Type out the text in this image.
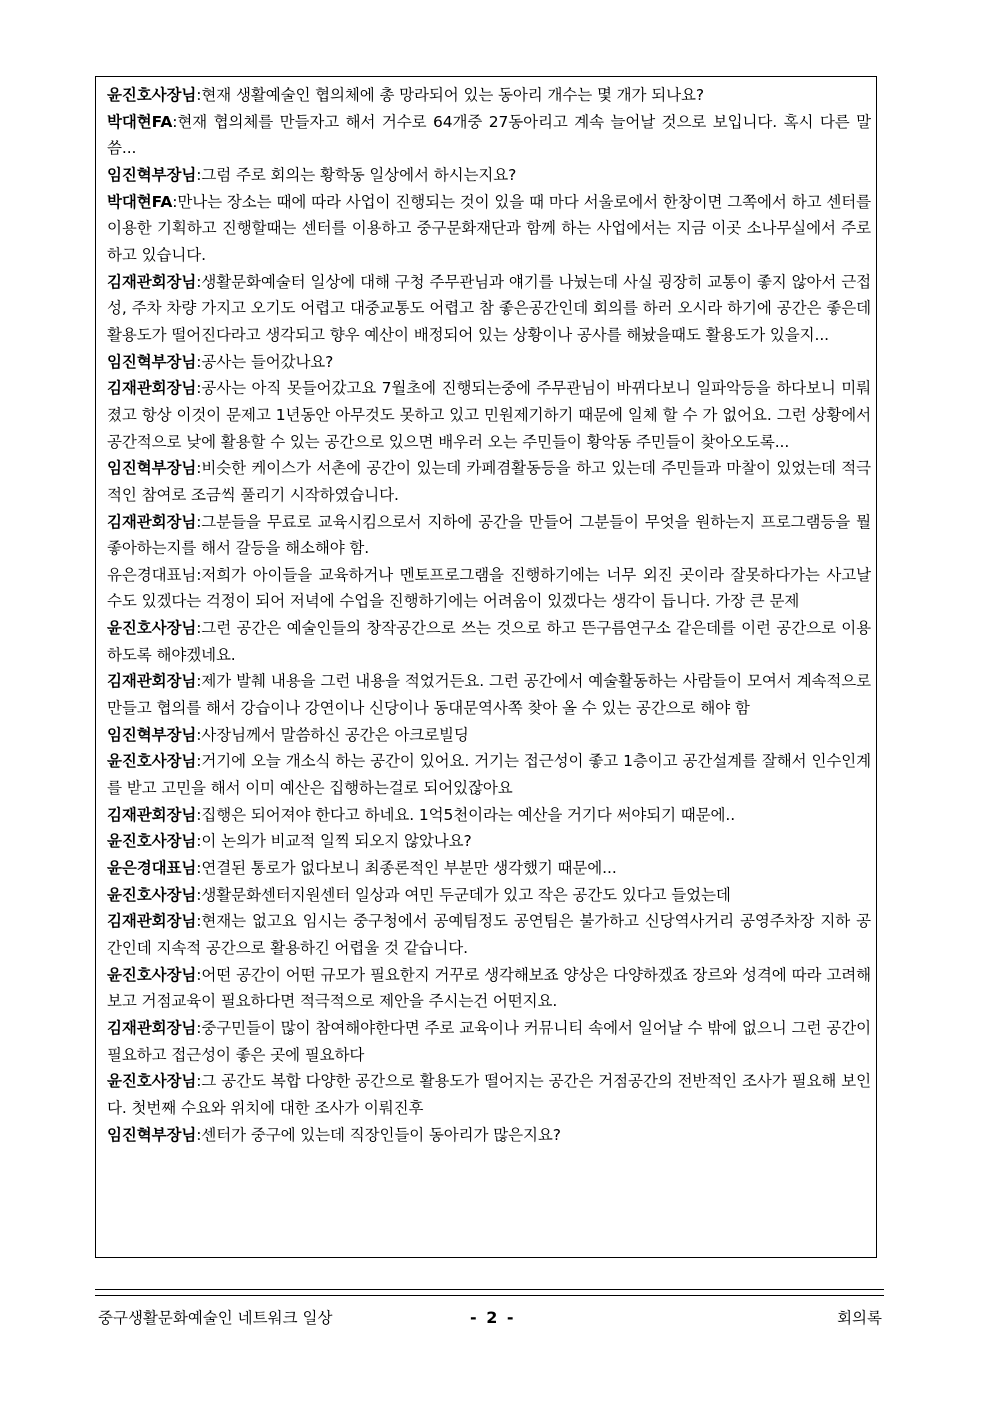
윤진호사장님:현재 생활예술인 협의체에 총 망라되어 있는 동아리 개수는 몇 개가 되나요?

박대현FA:현재 협의체를 만들자고 해서 거수로 64개중 27동아리고 계속 늘어날 것으로 보입니다. 혹시 다른 말씀...

임진혁부장님:그럼 주로 회의는 황학동 일상에서 하시는지요?

박대현FA:만나는 장소는 때에 따라 사업이 진행되는 것이 있을 때 마다 서울로에서 한창이면 그쪽에서 하고 센터를 이용한 기획하고 진행할때는 센터를 이용하고 중구문화재단과 함께 하는 사업에서는 지금 이곳 소나무실에서 주로 하고 있습니다.

김재관회장님:생활문화예술터 일상에 대해 구청 주무관님과 얘기를 나눴는데 사실 굉장히 교통이 좋지 않아서 근접성, 주차 차량 가지고 오기도 어렵고 대중교통도 어렵고 참 좋은공간인데 회의를 하러 오시라 하기에 공간은 좋은데 활용도가 떨어진다라고 생각되고 향우 예산이 배정되어 있는 상황이나 공사를 해놨을때도 활용도가 있을지...

임진혁부장님:공사는 들어갔나요?

김재관회장님:공사는 아직 못들어갔고요 7월초에 진행되는중에 주무관님이 바뀌다보니 일파악등을 하다보니 미뤄졌고 항상 이것이 문제고 1년동안 아무것도 못하고 있고 민원제기하기 때문에 일체 할 수 가 없어요. 그런 상황에서 공간적으로 낮에 활용할 수 있는 공간으로 있으면 배우러 오는 주민들이 황악동 주민들이 찾아오도록...

임진혁부장님:비슷한 케이스가 서촌에 공간이 있는데 카페겸활동등을 하고 있는데 주민들과 마찰이 있었는데 적극적인 참여로 조금씩 풀리기 시작하였습니다.

김재관회장님:그분들을 무료로 교육시킴으로서 지하에 공간을 만들어 그분들이 무엇을 원하는지 프로그램등을 뭘 좋아하는지를 해서 갈등을 해소해야 함.

유은경대표님:저희가 아이들을 교육하거나 멘토프로그램을 진행하기에는 너무 외진 곳이라 잘못하다가는 사고날 수도 있겠다는 걱정이 되어 저녁에 수업을 진행하기에는 어려움이 있겠다는 생각이 듭니다. 가장 큰 문제

윤진호사장님:그런 공간은 예술인들의 창작공간으로 쓰는 것으로 하고 뜬구름연구소 같은데를 이런 공간으로 이용하도록 해야겠네요.

김재관회장님:제가 발췌 내용을 그런 내용을 적었거든요. 그런 공간에서 예술활동하는 사람들이 모여서 계속적으로 만들고 협의를 해서 강습이나 강연이나 신당이나 동대문역사쪽 찾아 올 수 있는 공간으로 해야 함

임진혁부장님:사장님께서 말씀하신 공간은 아크로빌딩

윤진호사장님:거기에 오늘 개소식 하는 공간이 있어요. 거기는 접근성이 좋고 1층이고 공간설계를 잘해서 인수인계를 받고 고민을 해서 이미 예산은 집행하는걸로 되어있잖아요

김재관회장님:집행은 되어져야 한다고 하네요. 1억5천이라는 예산을 거기다 써야되기 때문에..

윤진호사장님:이 논의가 비교적 일찍 되오지 않았나요?

윤은경대표님:연결된 통로가 없다보니 최종론적인 부분만 생각했기 때문에...

윤진호사장님:생활문화센터지원센터 일상과 여민 두군데가 있고 작은 공간도 있다고 들었는데

김재관회장님:현재는 없고요 임시는 중구청에서 공예팀정도 공연팀은 불가하고 신당역사거리 공영주차장 지하 공간인데 지속적 공간으로 활용하긴 어렵울 것 같습니다.

윤진호사장님:어떤 공간이 어떤 규모가 필요한지 거꾸로 생각해보죠 양상은 다양하겠죠 장르와 성격에 따라 고려해보고 거점교육이 필요하다면 적극적으로 제안을 주시는건 어떤지요.

김재관회장님:중구민들이 많이 참여해야한다면 주로 교육이나 커뮤니티 속에서 일어날 수 밖에 없으니 그런 공간이 필요하고 접근성이 좋은 곳에 필요하다

윤진호사장님:그 공간도 복합 다양한 공간으로 활용도가 떨어지는 공간은 거점공간의 전반적인 조사가 필요해 보인다. 첫번째 수요와 위치에 대한 조사가 이뤄진후

임진혁부장님:센터가 중구에 있는데 직장인들이 동아리가 많은지요?

중구생활문화예술인 네트워크 일상	- 2 -	회의록
